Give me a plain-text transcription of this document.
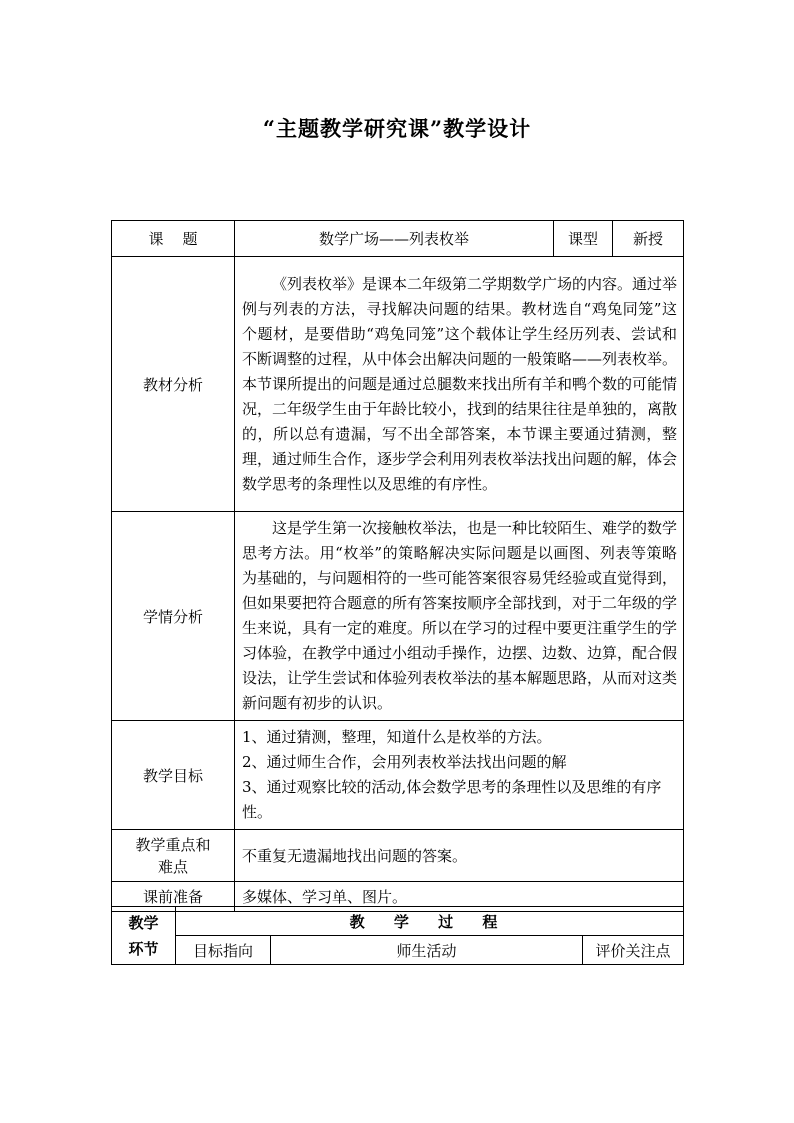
“主题教学研究课”教学设计
课    题	数学广场——列表枚举	课型	新授
教材分析	《列表枚举》是课本二年级第二学期数学广场的内容。通过举例与列表的方法，寻找解决问题的结果。教材选自“鸡兔同笼”这个题材，是要借助“鸡兔同笼”这个载体让学生经历列表、尝试和不断调整的过程，从中体会出解决问题的一般策略——列表枚举。本节课所提出的问题是通过总腿数来找出所有羊和鸭个数的可能情况，二年级学生由于年龄比较小，找到的结果往往是单独的，离散的，所以总有遗漏，写不出全部答案，本节课主要通过猜测，整理，通过师生合作，逐步学会利用列表枚举法找出问题的解，体会数学思考的条理性以及思维的有序性。		
学情分析	这是学生第一次接触枚举法，也是一种比较陌生、难学的数学思考方法。用“枚举”的策略解决实际问题是以画图、列表等策略为基础的，与问题相符的一些可能答案很容易凭经验或直觉得到，但如果要把符合题意的所有答案按顺序全部找到，对于二年级的学生来说，具有一定的难度。所以在学习的过程中要更注重学生的学习体验，在教学中通过小组动手操作，边摆、边数、边算，配合假设法，让学生尝试和体验列表枚举法的基本解题思路，从而对这类新问题有初步的认识。		
教学目标	1、通过猜测，整理，知道什么是枚举的方法。
2、通过师生合作，会用列表枚举法找出问题的解
3、通过观察比较的活动,体会数学思考的条理性以及思维的有序性。		

教学重点和
难点	不重复无遗漏地找出问题的答案。		
课前准备	多媒体、学习单、图片。		
教学
环节	教 学 过 程		
	目标指向	师生活动	评价关注点
